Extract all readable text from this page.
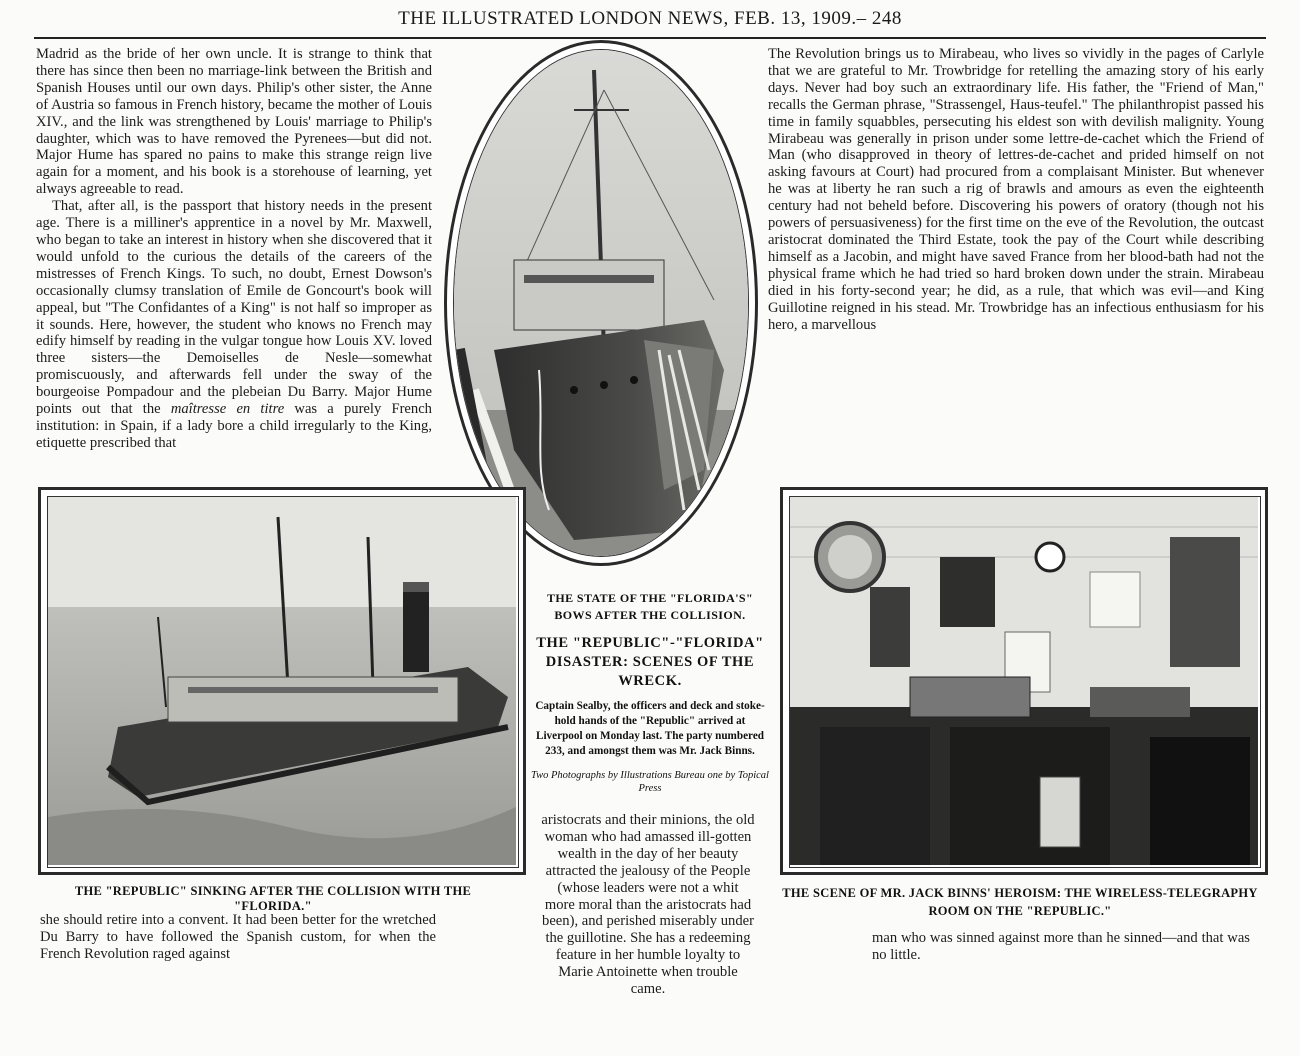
THE ILLUSTRATED LONDON NEWS, FEB. 13, 1909.– 248

Madrid as the bride of her own uncle. It is strange to think that there has since then been no marriage-link between the British and Spanish Houses until our own days. Philip's other sister, the Anne of Austria so famous in French history, became the mother of Louis XIV., and the link was strengthened by Louis' marriage to Philip's daughter, which was to have removed the Pyrenees—but did not. Major Hume has spared no pains to make this strange reign live again for a moment, and his book is a storehouse of learning, yet always agreeable to read.

That, after all, is the passport that history needs in the present age. There is a milliner's apprentice in a novel by Mr. Maxwell, who began to take an interest in history when she discovered that it would unfold to the curious the details of the careers of the mistresses of French Kings. To such, no doubt, Ernest Dowson's occasionally clumsy translation of Emile de Goncourt's book will appeal, but "The Confidantes of a King" is not half so improper as it sounds. Here, however, the student who knows no French may edify himself by reading in the vulgar tongue how Louis XV. loved three sisters—the Demoiselles de Nesle—somewhat promiscuously, and afterwards fell under the sway of the bourgeoise Pompadour and the plebeian Du Barry. Major Hume points out that the maîtresse en titre was a purely French institution: in Spain, if a lady bore a child irregularly to the King, etiquette prescribed that

The Revolution brings us to Mirabeau, who lives so vividly in the pages of Carlyle that we are grateful to Mr. Trowbridge for retelling the amazing story of his early days. Never had boy such an extraordinary life. His father, the "Friend of Man," recalls the German phrase, "Strassengel, Haus-teufel." The philanthropist passed his time in family squabbles, persecuting his eldest son with devilish malignity. Young Mirabeau was generally in prison under some lettre-de-cachet which the Friend of Man (who disapproved in theory of lettres-de-cachet and prided himself on not asking favours at Court) had procured from a complaisant Minister. But whenever he was at liberty he ran such a rig of brawls and amours as even the eighteenth century had not beheld before. Discovering his powers of oratory (though not his powers of persuasiveness) for the first time on the eve of the Revolution, the outcast aristocrat dominated the Third Estate, took the pay of the Court while describing himself as a Jacobin, and might have saved France from her blood-bath had not the physical frame which he had tried so hard broken down under the strain. Mirabeau died in his forty-second year; he did, as a rule, that which was evil—and King Guillotine reigned in his stead. Mr. Trowbridge has an infectious enthusiasm for his hero, a marvellous

THE "REPUBLIC" SINKING AFTER THE COLLISION WITH THE "FLORIDA."
THE SCENE OF MR. JACK BINNS' HEROISM: THE WIRELESS-TELEGRAPHY ROOM ON THE "REPUBLIC."
THE STATE OF THE "FLORIDA'S" BOWS AFTER THE COLLISION.
THE "REPUBLIC"-"FLORIDA" DISASTER: SCENES OF THE WRECK.
Captain Sealby, the officers and deck and stoke-hold hands of the "Republic" arrived at Liverpool on Monday last. The party numbered 233, and amongst them was Mr. Jack Binns.
Two Photographs by Illustrations Bureau one by Topical Press
aristocrats and their minions, the old woman who had amassed ill-gotten wealth in the day of her beauty attracted the jealousy of the People (whose leaders were not a whit more moral than the aristocrats had been), and perished miserably under the guillotine. She has a redeeming feature in her humble loyalty to Marie Antoinette when trouble came.
she should retire into a convent. It had been better for the wretched Du Barry to have followed the Spanish custom, for when the French Revolution raged against
man who was sinned against more than he sinned—and that was no little.
